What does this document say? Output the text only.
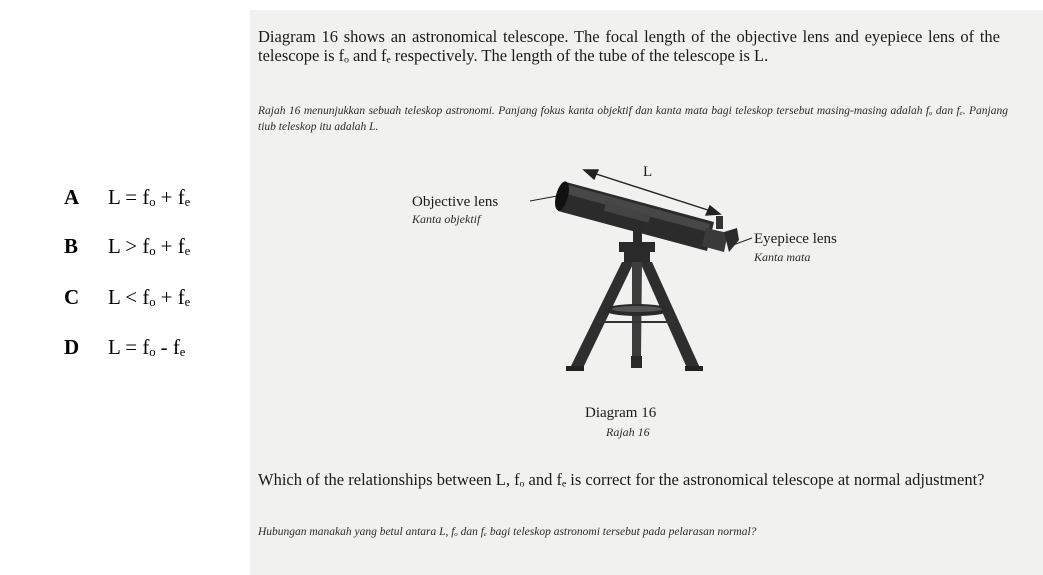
Diagram 16 shows an astronomical telescope. The focal length of the objective lens and eyepiece lens of the telescope is fₒ and fₑ respectively. The length of the tube of the telescope is L.
Rajah 16 menunjukkan sebuah teleskop astronomi. Panjang fokus kanta objektif dan kanta mata bagi teleskop tersebut masing-masing adalah fₒ dan fₑ. Panjang tiub teleskop itu adalah L.
A L = fₒ + fₑ
B L > fₒ + fₑ
C L < fₒ + fₑ
D L = fₒ - fₑ
L
Objective lens
Kanta objektif
Eyepiece lens
Kanta mata
Diagram 16
Rajah 16
Which of the relationships between L, fₒ and fₑ is correct for the astronomical telescope at normal adjustment?
Hubungan manakah yang betul antara L, fₒ dan fₑ bagi teleskop astronomi tersebut pada pelarasan normal?
